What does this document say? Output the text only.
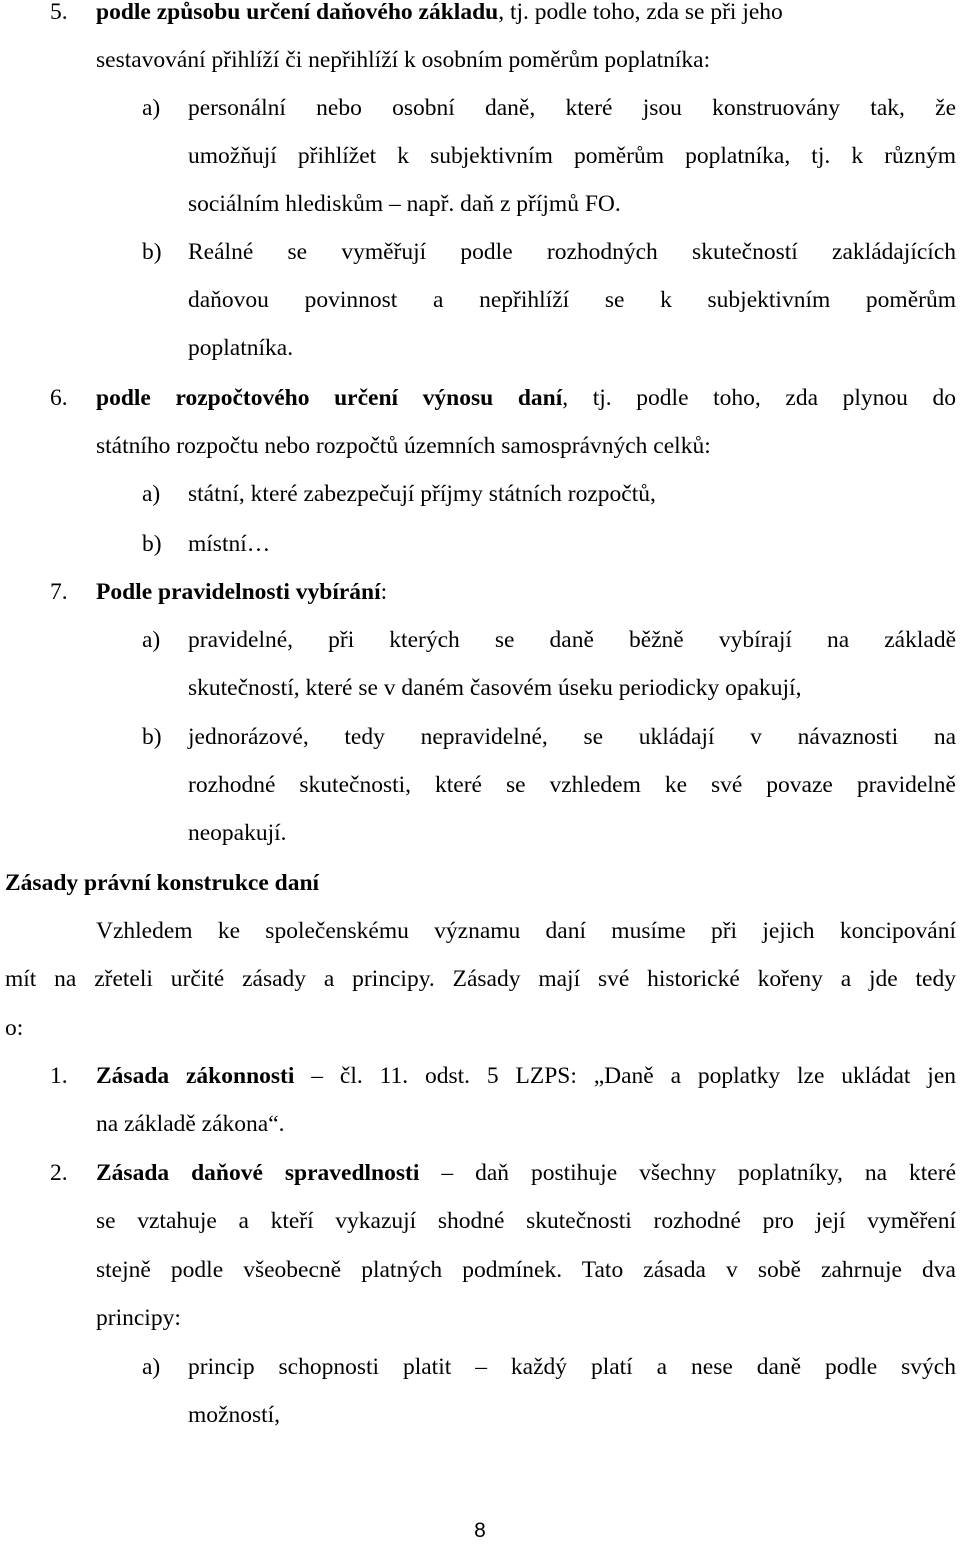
5. podle způsobu určení daňového základu, tj. podle toho, zda se při jeho
sestavování přihlíží či nepřihlíží k osobním poměrům poplatníka:
a) personální nebo osobní daně, které jsou konstruovány tak, že
umožňují přihlížet k subjektivním poměrům poplatníka, tj. k různým
sociálním hlediskům – např. daň z příjmů FO.
b) Reálné se vyměřují podle rozhodných skutečností zakládajících
daňovou povinnost a nepřihlíží se k subjektivním poměrům
poplatníka.
6. podle rozpočtového určení výnosu daní, tj. podle toho, zda plynou do
státního rozpočtu nebo rozpočtů územních samosprávných celků:
a) státní, které zabezpečují příjmy státních rozpočtů,
b) místní…
7. Podle pravidelnosti vybírání:
a) pravidelné, při kterých se daně běžně vybírají na základě
skutečností, které se v daném časovém úseku periodicky opakují,
b) jednorázové, tedy nepravidelné, se ukládají v návaznosti na
rozhodné skutečnosti, které se vzhledem ke své povaze pravidelně
neopakují.
Zásady právní konstrukce daní
Vzhledem ke společenskému významu daní musíme při jejich koncipování
mít na zřeteli určité zásady a principy. Zásady mají své historické kořeny a jde tedy
o:
1. Zásada zákonnosti – čl. 11. odst. 5 LZPS: „Daně a poplatky lze ukládat jen
na základě zákona“.
2. Zásada daňové spravedlnosti – daň postihuje všechny poplatníky, na které
se vztahuje a kteří vykazují shodné skutečnosti rozhodné pro její vyměření
stejně podle všeobecně platných podmínek. Tato zásada v sobě zahrnuje dva
principy:
a) princip schopnosti platit – každý platí a nese daně podle svých
možností,
8
